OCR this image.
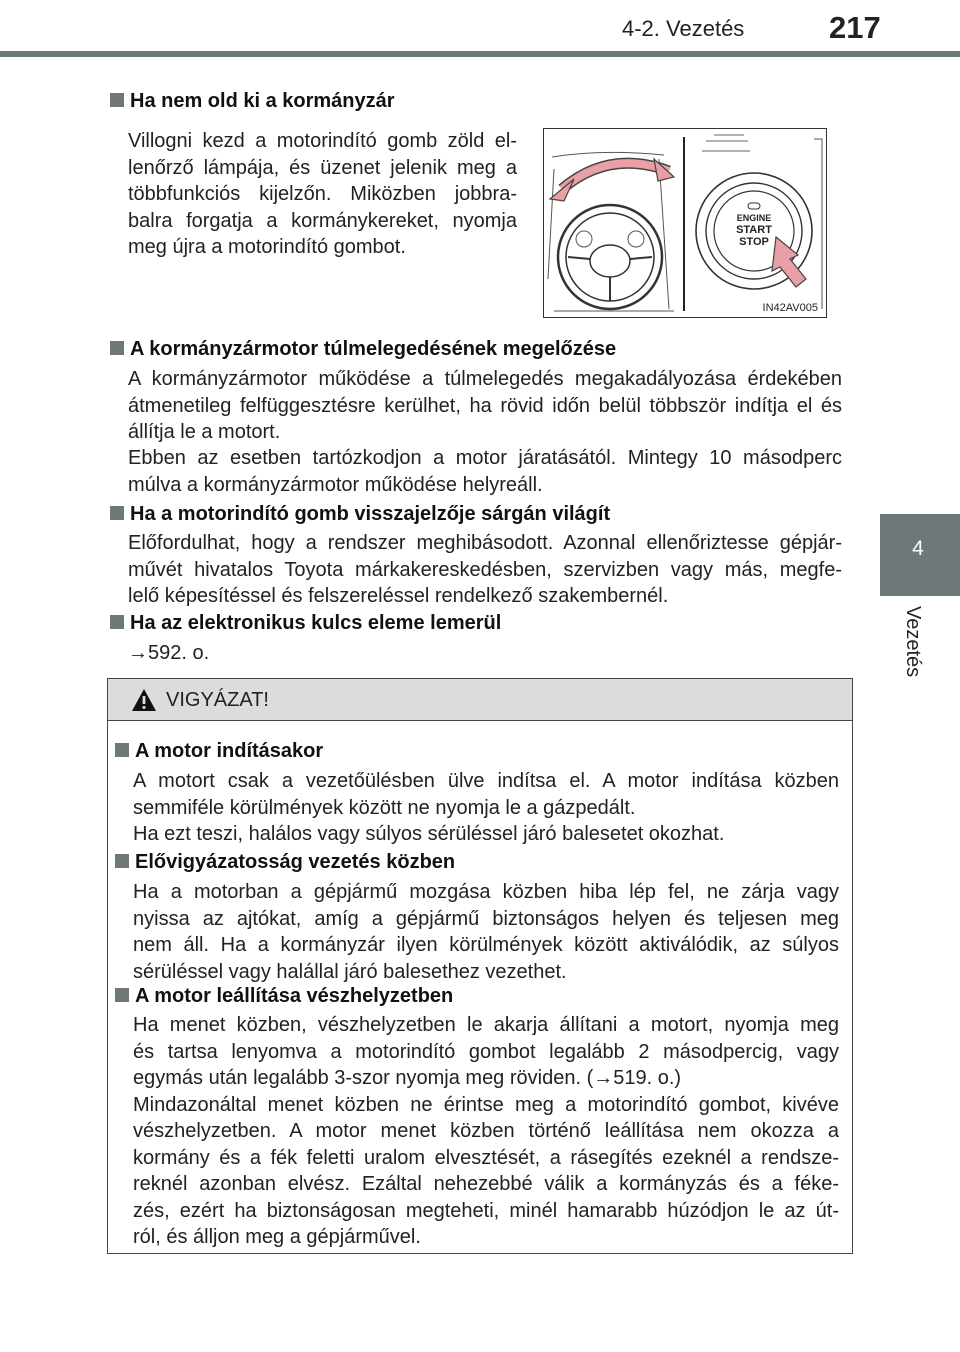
4-2. Vezetés	217
4
Vezetés
Ha nem old ki a kormányzár
Villogni kezd a motorindító gomb zöld el-
lenőrző lámpája, és üzenet jelenik meg a
többfunkciós kijelzőn. Miközben jobbra-
balra forgatja a kormánykereket, nyomja
meg újra a motorindító gombot.
ENGINE
START
STOP
IN42AV005
A kormányzármotor túlmelegedésének megelőzése
A kormányzármotor működése a túlmelegedés megakadályozása érdekében
átmenetileg felfüggesztésre kerülhet, ha rövid időn belül többször indítja el és
állítja le a motort.
Ebben az esetben tartózkodjon a motor járatásától. Mintegy 10 másodperc
múlva a kormányzármotor működése helyreáll.
Ha a motorindító gomb visszajelzője sárgán világít
Előfordulhat, hogy a rendszer meghibásodott. Azonnal ellenőriztesse gépjár-
művét hivatalos Toyota márkakereskedésben, szervizben vagy más, megfe-
lelő képesítéssel és felszereléssel rendelkező szakembernél.
Ha az elektronikus kulcs eleme lemerül
→592. o.
VIGYÁZAT!
A motor indításakor
A motort csak a vezetőülésben ülve indítsa el. A motor indítása közben
semmiféle körülmények között ne nyomja le a gázpedált.
Ha ezt teszi, halálos vagy súlyos sérüléssel járó balesetet okozhat.
Elővigyázatosság vezetés közben
Ha a motorban a gépjármű mozgása közben hiba lép fel, ne zárja vagy
nyissa az ajtókat, amíg a gépjármű biztonságos helyen és teljesen meg
nem áll. Ha a kormányzár ilyen körülmények között aktiválódik, az súlyos
sérüléssel vagy halállal járó balesethez vezethet.
A motor leállítása vészhelyzetben
Ha menet közben, vészhelyzetben le akarja állítani a motort, nyomja meg
és tartsa lenyomva a motorindító gombot legalább 2 másodpercig, vagy
egymás után legalább 3-szor nyomja meg röviden. (→519. o.)
Mindazonáltal menet közben ne érintse meg a motorindító gombot, kivéve
vészhelyzetben. A motor menet közben történő leállítása nem okozza a
kormány és a fék feletti uralom elvesztését, a rásegítés ezeknél a rendsze-
reknél azonban elvész. Ezáltal nehezebbé válik a kormányzás és a féke-
zés, ezért ha biztonságosan megteheti, minél hamarabb húzódjon le az út-
ról, és álljon meg a gépjárművel.
